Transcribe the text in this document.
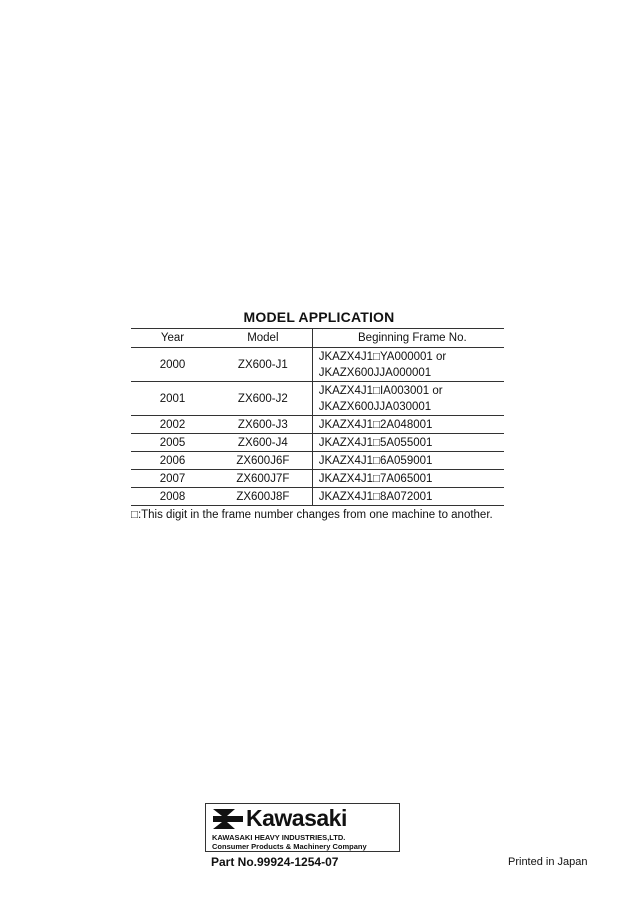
MODEL APPLICATION
Year	Model	Beginning Frame No.
2000	ZX600-J1	JKAZX4J1□YA000001 or
JKAZX600JJA000001
2001	ZX600-J2	JKAZX4J1□IA003001 or
JKAZX600JJA030001
2002	ZX600-J3	JKAZX4J1□2A048001
2005	ZX600-J4	JKAZX4J1□5A055001
2006	ZX600J6F	JKAZX4J1□6A059001
2007	ZX600J7F	JKAZX4J1□7A065001
2008	ZX600J8F	JKAZX4J1□8A072001
□:This digit in the frame number changes from one machine to another.
Kawasaki
KAWASAKI HEAVY INDUSTRIES,LTD.
Consumer Products & Machinery Company
Part No.99924-1254-07	Printed in Japan
